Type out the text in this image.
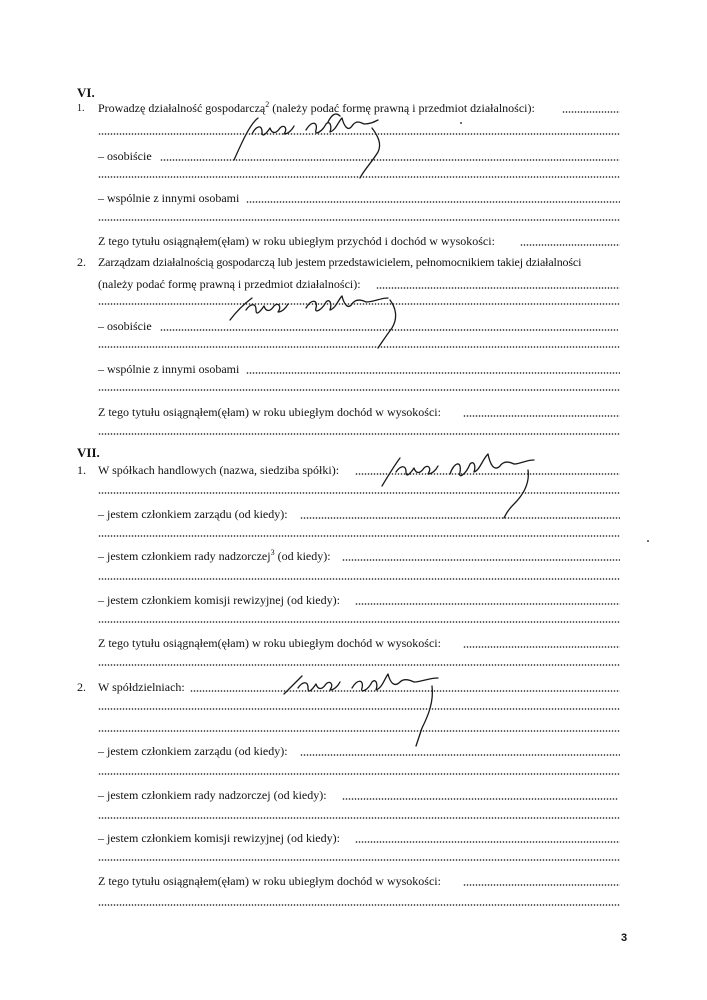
VI.
1. Prowadzę działalność gospodarczą$^2$ (należy podać formę prawną i przedmiot działalności):
– osobiście
– wspólnie z innymi osobami
Z tego tytułu osiągnąłem(ęłam) w roku ubiegłym przychód i dochód w wysokości:
2. Zarządzam działalnością gospodarczą lub jestem przedstawicielem, pełnomocnikiem takiej działalności
(należy podać formę prawną i przedmiot działalności):
– osobiście
– wspólnie z innymi osobami
Z tego tytułu osiągnąłem(ęłam) w roku ubiegłym dochód w wysokości:
VII.
1. W spółkach handlowych (nazwa, siedziba spółki):
– jestem członkiem zarządu (od kiedy):
– jestem członkiem rady nadzorczej$^3$ (od kiedy):
– jestem członkiem komisji rewizyjnej (od kiedy):
Z tego tytułu osiągnąłem(ęłam) w roku ubiegłym dochód w wysokości:
2. W spółdzielniach:
– jestem członkiem zarządu (od kiedy):
– jestem członkiem rady nadzorczej (od kiedy):
– jestem członkiem komisji rewizyjnej (od kiedy):
Z tego tytułu osiągnąłem(ęłam) w roku ubiegłym dochód w wysokości:
3
